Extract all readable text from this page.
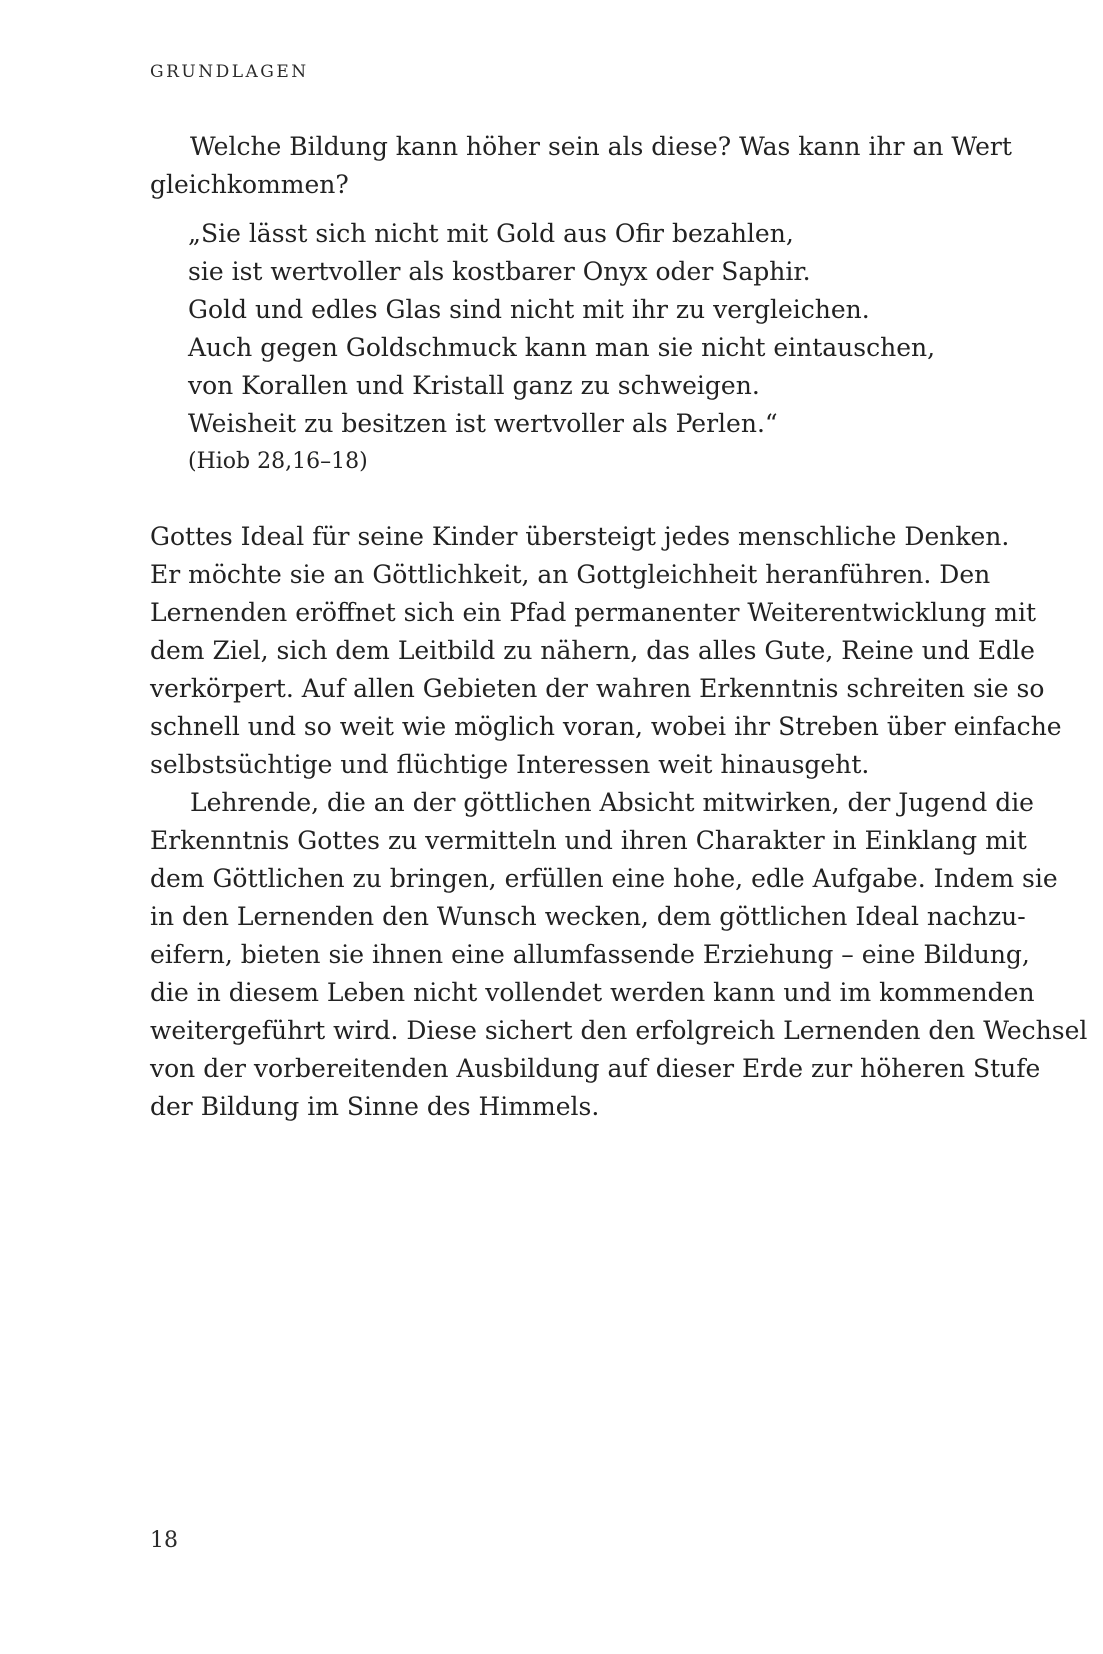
GRUNDLAGEN
Welche Bildung kann höher sein als diese? Was kann ihr an Wert
gleichkommen?
„Sie lässt sich nicht mit Gold aus Ofir bezahlen,
sie ist wertvoller als kostbarer Onyx oder Saphir.
Gold und edles Glas sind nicht mit ihr zu vergleichen.
Auch gegen Goldschmuck kann man sie nicht eintauschen,
von Korallen und Kristall ganz zu schweigen.
Weisheit zu besitzen ist wertvoller als Perlen.“
(Hiob 28,16–18)
Gottes Ideal für seine Kinder übersteigt jedes menschliche Denken.
Er möchte sie an Göttlichkeit, an Gottgleichheit heranführen. Den
Lernenden eröffnet sich ein Pfad permanenter Weiterentwicklung mit
dem Ziel, sich dem Leitbild zu nähern, das alles Gute, Reine und Edle
verkörpert. Auf allen Gebieten der wahren Erkenntnis schreiten sie so
schnell und so weit wie möglich voran, wobei ihr Streben über einfache
selbstsüchtige und flüchtige Interessen weit hinausgeht.
Lehrende, die an der göttlichen Absicht mitwirken, der Jugend die
Erkenntnis Gottes zu vermitteln und ihren Charakter in Einklang mit
dem Göttlichen zu bringen, erfüllen eine hohe, edle Aufgabe. Indem sie
in den Lernenden den Wunsch wecken, dem göttlichen Ideal nachzu-
eifern, bieten sie ihnen eine allumfassende Erziehung – eine Bildung,
die in diesem Leben nicht vollendet werden kann und im kommenden
weitergeführt wird. Diese sichert den erfolgreich Lernenden den Wechsel
von der vorbereitenden Ausbildung auf dieser Erde zur höheren Stufe
der Bildung im Sinne des Himmels.
18
